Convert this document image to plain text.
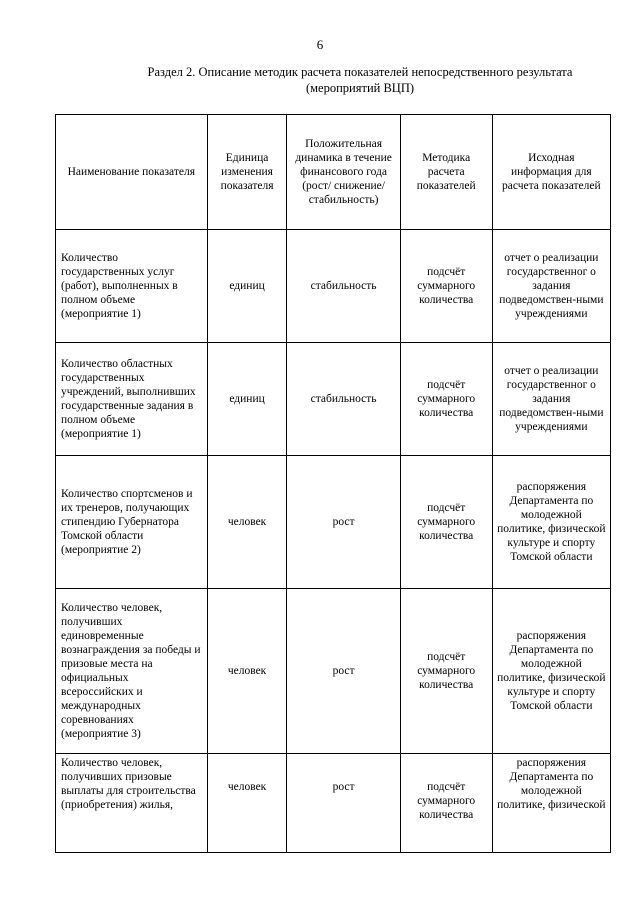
6
Раздел 2. Описание методик расчета показателей непосредственного результата (мероприятий ВЦП)
Наименование показателя	Единица изменения показателя	Положительная динамика в течение финансового года (рост/ снижение/ стабильность)	Методика расчета показателей	Исходная информация для расчета показателей
Количество государственных услуг (работ), выполненных в полном объеме (мероприятие 1)	единиц	стабильность	подсчёт суммарного количества	отчет о реализации государственног о задания подведомствен-ными учреждениями
Количество областных государственных учреждений, выполнивших государственные задания в полном объеме (мероприятие 1)	единиц	стабильность	подсчёт суммарного количества	отчет о реализации государственног о задания подведомствен-ными учреждениями
Количество спортсменов и их тренеров, получающих стипендию Губернатора Томской области (мероприятие 2)	человек	рост	подсчёт суммарного количества	распоряжения Департамента по молодежной политике, физической культуре и спорту Томской области
Количество человек, получивших единовременные вознаграждения за победы и призовые места на официальных всероссийских и международных соревнованиях (мероприятие 3)	человек	рост	подсчёт суммарного количества	распоряжения Департамента по молодежной политике, физической культуре и спорту Томской области
Количество человек, получивших призовые выплаты для строительства (приобретения) жилья,	человек	рост	подсчёт суммарного количества	распоряжения Департамента по молодежной политике, физической
